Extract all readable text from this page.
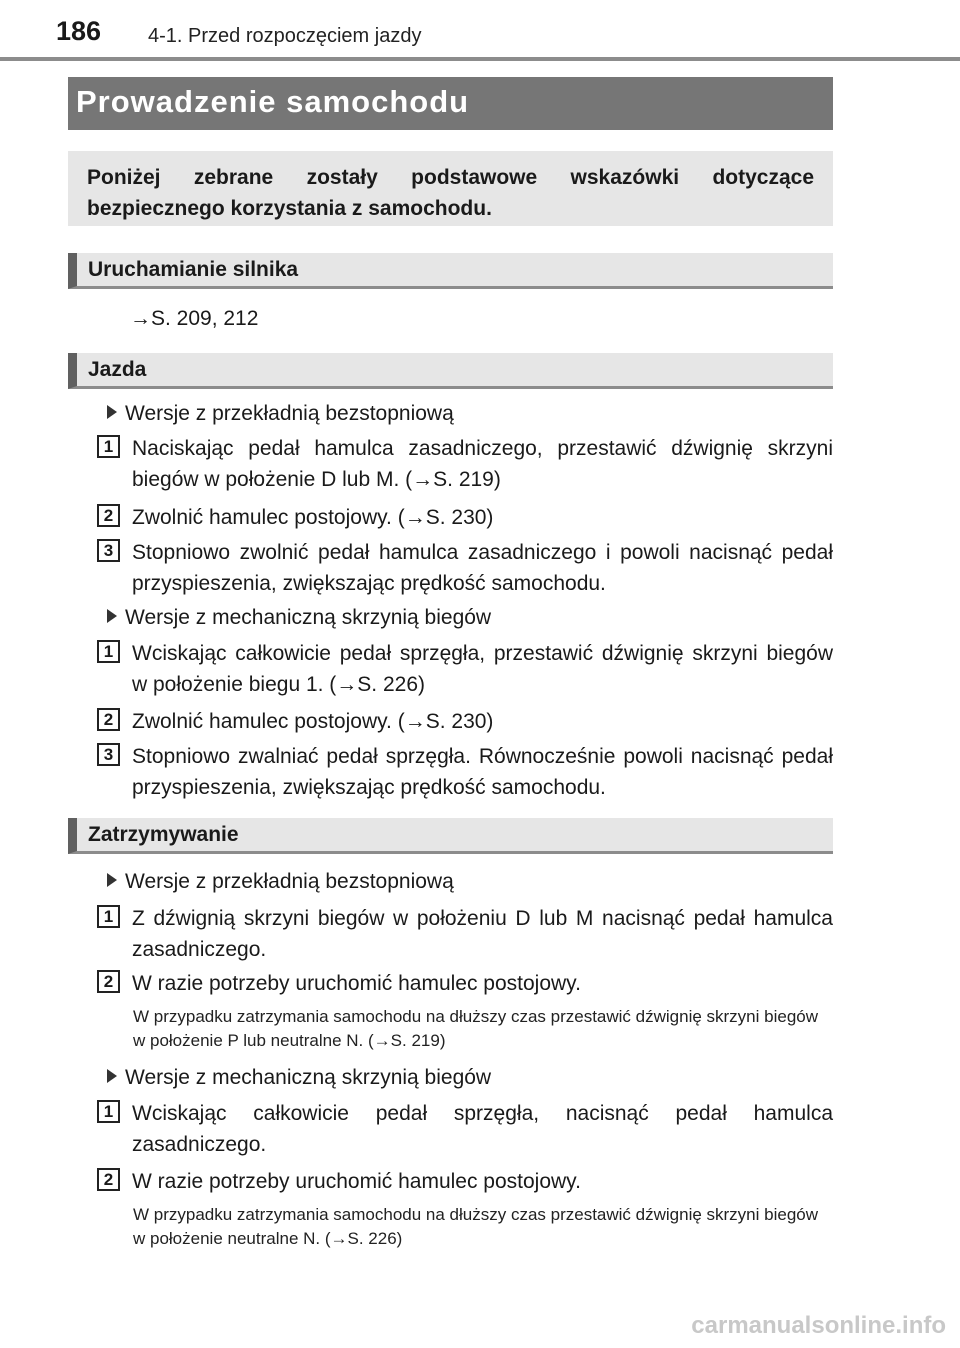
186 4-1. Przed rozpoczęciem jazdy
Prowadzenie samochodu
Poniżej zebrane zostały podstawowe wskazówki dotyczące bezpiecznego korzystania z samochodu.
Uruchamianie silnika
→S. 209, 212
Jazda
Wersje z przekładnią bezstopniową
1 Naciskając pedał hamulca zasadniczego, przestawić dźwignię skrzyni biegów w położenie D lub M. (→S. 219)
2 Zwolnić hamulec postojowy. (→S. 230)
3 Stopniowo zwolnić pedał hamulca zasadniczego i powoli nacisnąć pedał przyspieszenia, zwiększając prędkość samochodu.
Wersje z mechaniczną skrzynią biegów
1 Wciskając całkowicie pedał sprzęgła, przestawić dźwignię skrzyni biegów w położenie biegu 1. (→S. 226)
2 Zwolnić hamulec postojowy. (→S. 230)
3 Stopniowo zwalniać pedał sprzęgła. Równocześnie powoli nacisnąć pedał przyspieszenia, zwiększając prędkość samochodu.
Zatrzymywanie
Wersje z przekładnią bezstopniową
1 Z dźwignią skrzyni biegów w położeniu D lub M nacisnąć pedał hamulca zasadniczego.
2 W razie potrzeby uruchomić hamulec postojowy.
W przypadku zatrzymania samochodu na dłuższy czas przestawić dźwignię skrzyni biegów w położenie P lub neutralne N. (→S. 219)
Wersje z mechaniczną skrzynią biegów
1 Wciskając całkowicie pedał sprzęgła, nacisnąć pedał hamulca zasadniczego.
2 W razie potrzeby uruchomić hamulec postojowy.
W przypadku zatrzymania samochodu na dłuższy czas przestawić dźwignię skrzyni biegów w położenie neutralne N. (→S. 226)
carmanualsonline.info
